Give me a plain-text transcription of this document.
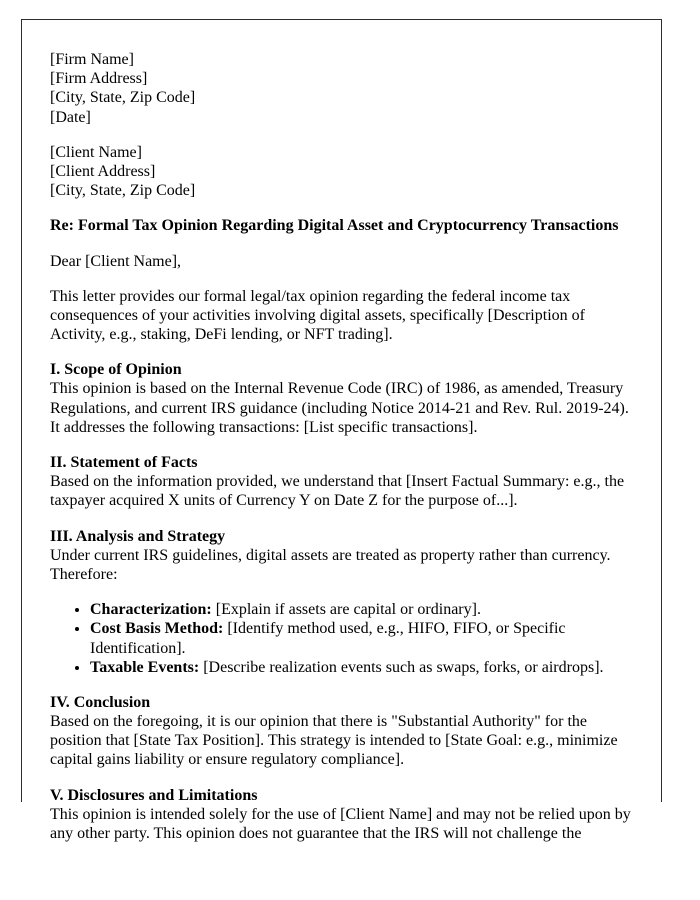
[Firm Name]
[Firm Address]
[City, State, Zip Code]
[Date]

[Client Name]
[Client Address]
[City, State, Zip Code]

Re: Formal Tax Opinion Regarding Digital Asset and Cryptocurrency Transactions

Dear [Client Name],

This letter provides our formal legal/tax opinion regarding the federal income tax consequences of your activities involving digital assets, specifically [Description of Activity, e.g., staking, DeFi lending, or NFT trading].

I. Scope of Opinion
This opinion is based on the Internal Revenue Code (IRC) of 1986, as amended, Treasury Regulations, and current IRS guidance (including Notice 2014-21 and Rev. Rul. 2019-24). It addresses the following transactions: [List specific transactions].

II. Statement of Facts
Based on the information provided, we understand that [Insert Factual Summary: e.g., the taxpayer acquired X units of Currency Y on Date Z for the purpose of...].

III. Analysis and Strategy
Under current IRS guidelines, digital assets are treated as property rather than currency. Therefore:

• Characterization: [Explain if assets are capital or ordinary].
• Cost Basis Method: [Identify method used, e.g., HIFO, FIFO, or Specific Identification].
• Taxable Events: [Describe realization events such as swaps, forks, or airdrops].

IV. Conclusion
Based on the foregoing, it is our opinion that there is "Substantial Authority" for the position that [State Tax Position]. This strategy is intended to [State Goal: e.g., minimize capital gains liability or ensure regulatory compliance].

V. Disclosures and Limitations
This opinion is intended solely for the use of [Client Name] and may not be relied upon by any other party. This opinion does not guarantee that the IRS will not challenge the
